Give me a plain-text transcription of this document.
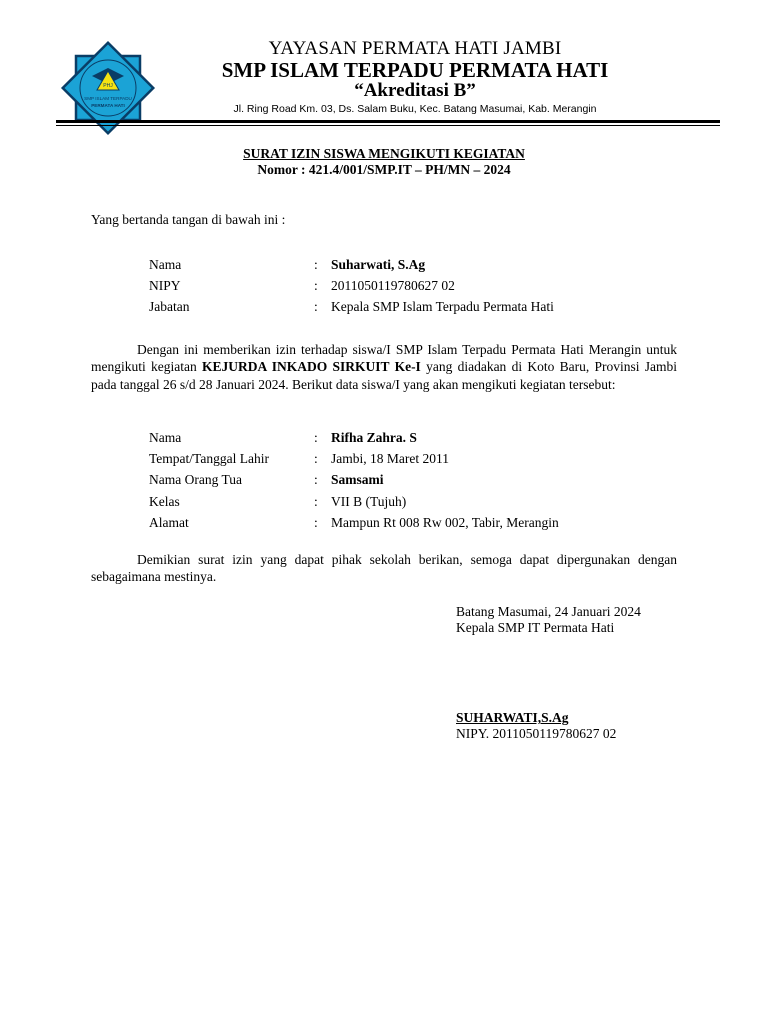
PHJ
SMP ISLAM TERPADU
PERMATA HATI
YAYASAN PERMATA HATI JAMBI
SMP ISLAM TERPADU PERMATA HATI
“Akreditasi B”
Jl. Ring Road Km. 03, Ds. Salam Buku, Kec. Batang Masumai, Kab. Merangin
SURAT IZIN SISWA MENGIKUTI KEGIATAN
Nomor : 421.4/001/SMP.IT – PH/MN – 2024
Yang bertanda tangan di bawah ini :
Nama	: Suharwati, S.Ag
NIPY	: 2011050119780627 02
Jabatan	: Kepala SMP Islam Terpadu Permata Hati
Dengan ini memberikan izin terhadap siswa/I SMP Islam Terpadu Permata Hati Merangin untuk mengikuti kegiatan KEJURDA INKADO SIRKUIT Ke-I yang diadakan di Koto Baru, Provinsi Jambi pada tanggal 26 s/d 28 Januari 2024. Berikut data siswa/I yang akan mengikuti kegiatan tersebut:
Nama	: Rifha Zahra. S
Tempat/Tanggal Lahir	: Jambi, 18 Maret 2011
Nama Orang Tua	: Samsami
Kelas	: VII B (Tujuh)
Alamat	: Mampun Rt 008 Rw 002, Tabir, Merangin
Demikian surat izin yang dapat pihak sekolah berikan, semoga dapat dipergunakan dengan sebagaimana mestinya.
Batang Masumai, 24 Januari 2024
Kepala SMP IT Permata Hati
SUHARWATI,S.Ag
NIPY. 2011050119780627 02
